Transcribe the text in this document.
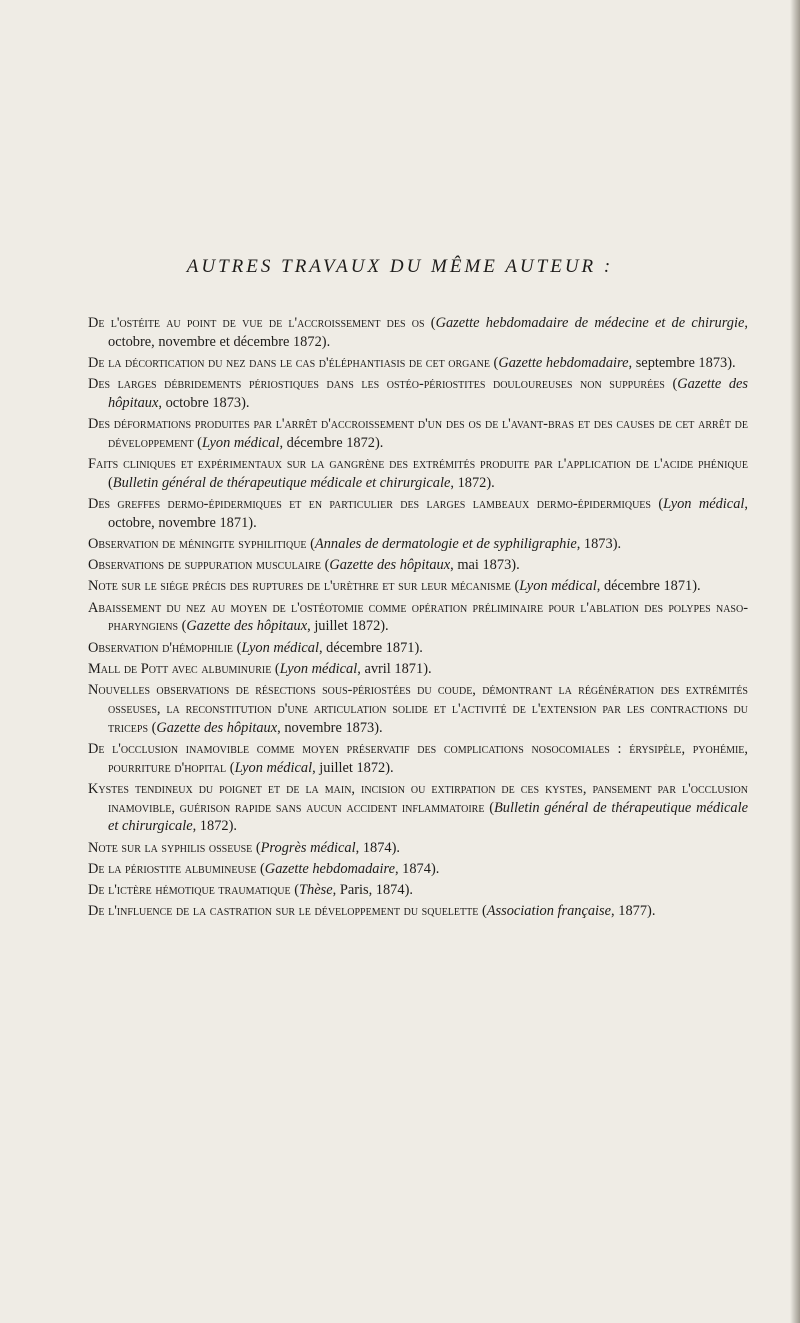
AUTRES TRAVAUX DU MÊME AUTEUR :
De l'ostéite au point de vue de l'accroissement des os (Gazette hebdomadaire de médecine et de chirurgie, octobre, novembre et décembre 1872).
De la décortication du nez dans le cas d'éléphantiasis de cet organe (Gazette hebdomadaire, septembre 1873).
Des larges débridements périostiques dans les ostéo-périostites douloureuses non suppurées (Gazette des hôpitaux, octobre 1873).
Des déformations produites par l'arrêt d'accroissement d'un des os de l'avant-bras et des causes de cet arrêt de développement (Lyon médical, décembre 1872).
Faits cliniques et expérimentaux sur la gangrène des extrémités produite par l'application de l'acide phénique (Bulletin général de thérapeutique médicale et chirurgicale, 1872).
Des greffes dermo-épidermiques et en particulier des larges lambeaux dermo-épidermiques (Lyon médical, octobre, novembre 1871).
Observation de méningite syphilitique (Annales de dermatologie et de syphiligraphie, 1873).
Observations de suppuration musculaire (Gazette des hôpitaux, mai 1873).
Note sur le siége précis des ruptures de l'urèthre et sur leur mécanisme (Lyon médical, décembre 1871).
Abaissement du nez au moyen de l'ostéotomie comme opération préliminaire pour l'ablation des polypes naso-pharyngiens (Gazette des hôpitaux, juillet 1872).
Observation d'hémophilie (Lyon médical, décembre 1871).
Mall de Pott avec albuminurie (Lyon médical, avril 1871).
Nouvelles observations de résections sous-périostées du coude, démontrant la régénération des extrémités osseuses, la reconstitution d'une articulation solide et l'activité de l'extension par les contractions du triceps (Gazette des hôpitaux, novembre 1873).
De l'occlusion inamovible comme moyen préservatif des complications nosocomiales : érysipèle, pyohémie, pourriture d'hopital (Lyon médical, juillet 1872).
Kystes tendineux du poignet et de la main, incision ou extirpation de ces kystes, pansement par l'occlusion inamovible, guérison rapide sans aucun accident inflammatoire (Bulletin général de thérapeutique médicale et chirurgicale, 1872).
Note sur la syphilis osseuse (Progrès médical, 1874).
De la périostite albumineuse (Gazette hebdomadaire, 1874).
De l'ictère hémotique traumatique (Thèse, Paris, 1874).
De l'influence de la castration sur le développement du squelette (Association française, 1877).
